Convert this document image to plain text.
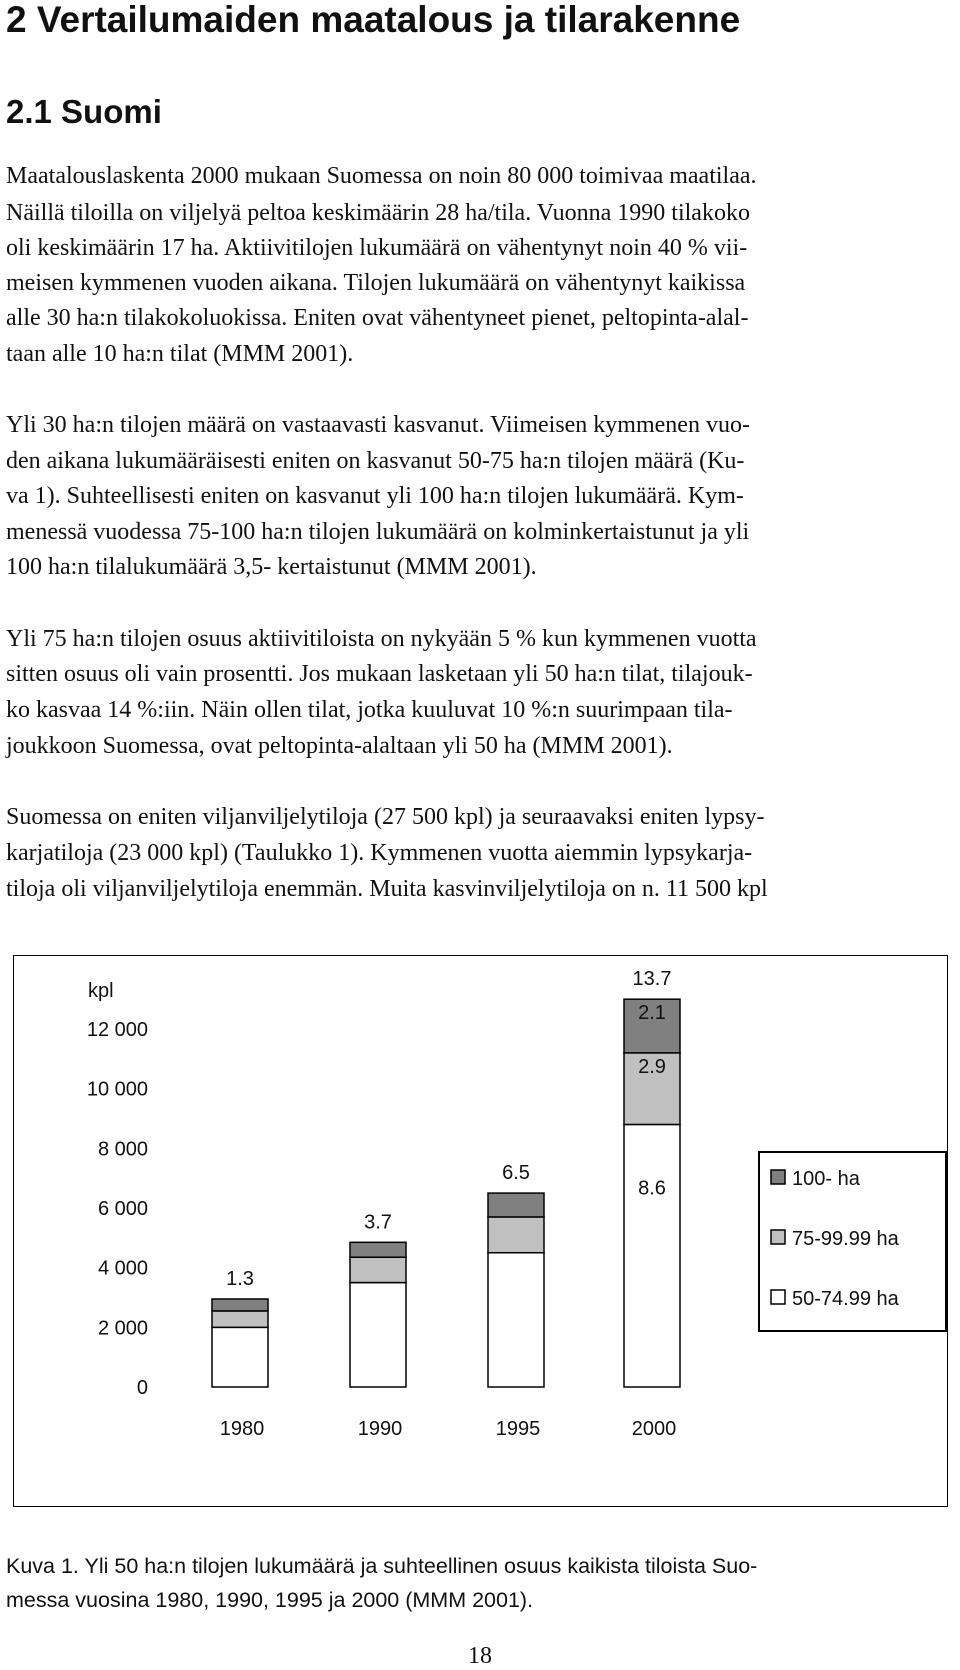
2 Vertailumaiden maatalous ja tilarakenne
2.1 Suomi
Maatalouslaskenta 2000 mukaan Suomessa on noin 80 000 toimivaa maatilaa.
Näillä tiloilla on viljelyä peltoa keskimäärin 28 ha/tila. Vuonna 1990 tilakoko
oli keskimäärin 17 ha. Aktiivitilojen lukumäärä on vähentynyt noin 40 % vii-
meisen kymmenen vuoden aikana. Tilojen lukumäärä on vähentynyt kaikissa
alle 30 ha:n tilakokoluokissa. Eniten ovat vähentyneet pienet, peltopinta-alal-
taan alle 10 ha:n tilat (MMM 2001).
Yli 30 ha:n tilojen määrä on vastaavasti kasvanut. Viimeisen kymmenen vuo-
den aikana lukumääräisesti eniten on kasvanut 50-75 ha:n tilojen määrä (Ku-
va 1). Suhteellisesti eniten on kasvanut yli 100 ha:n tilojen lukumäärä. Kym-
menessä vuodessa 75-100 ha:n tilojen lukumäärä on kolminkertaistunut ja yli
100 ha:n tilalukumäärä 3,5- kertaistunut (MMM 2001).
Yli 75 ha:n tilojen osuus aktiivitiloista on nykyään 5 % kun kymmenen vuotta
sitten osuus oli vain prosentti. Jos mukaan lasketaan yli 50 ha:n tilat, tilajouk-
ko kasvaa 14 %:iin. Näin ollen tilat, jotka kuuluvat 10 %:n suurimpaan tila-
joukkoon Suomessa, ovat peltopinta-alaltaan yli 50 ha (MMM 2001).
Suomessa on eniten viljanviljelytiloja (27 500 kpl) ja seuraavaksi eniten lypsy-
karjatiloja (23 000 kpl) (Taulukko 1). Kymmenen vuotta aiemmin lypsykarja-
tiloja oli viljanviljelytiloja enemmän. Muita kasvinviljelytiloja on n. 11 500 kpl
kpl
0
2 000
4 000
6 000
8 000
10 000
12 000
1.3
3.7
6.5
13.7
2.1
2.9
8.6
1980	1990	1995	2000
100- ha
75-99.99 ha
50-74.99 ha
Kuva 1. Yli 50 ha:n tilojen lukumäärä ja suhteellinen osuus kaikista tiloista Suo-
messa vuosina 1980, 1990, 1995 ja 2000 (MMM 2001).
18
